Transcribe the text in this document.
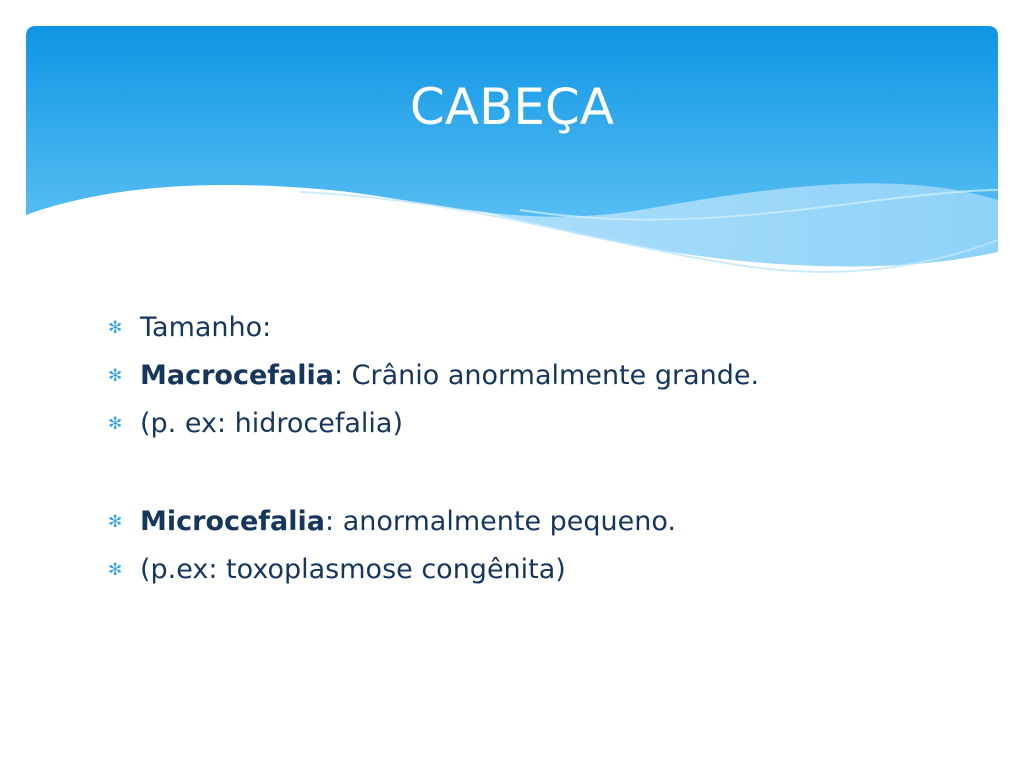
CABEÇA
✻ Tamanho:
✻ Macrocefalia: Crânio anormalmente grande.
✻ (p. ex: hidrocefalia)
✻ Microcefalia: anormalmente pequeno.
✻ (p.ex: toxoplasmose congênita)
